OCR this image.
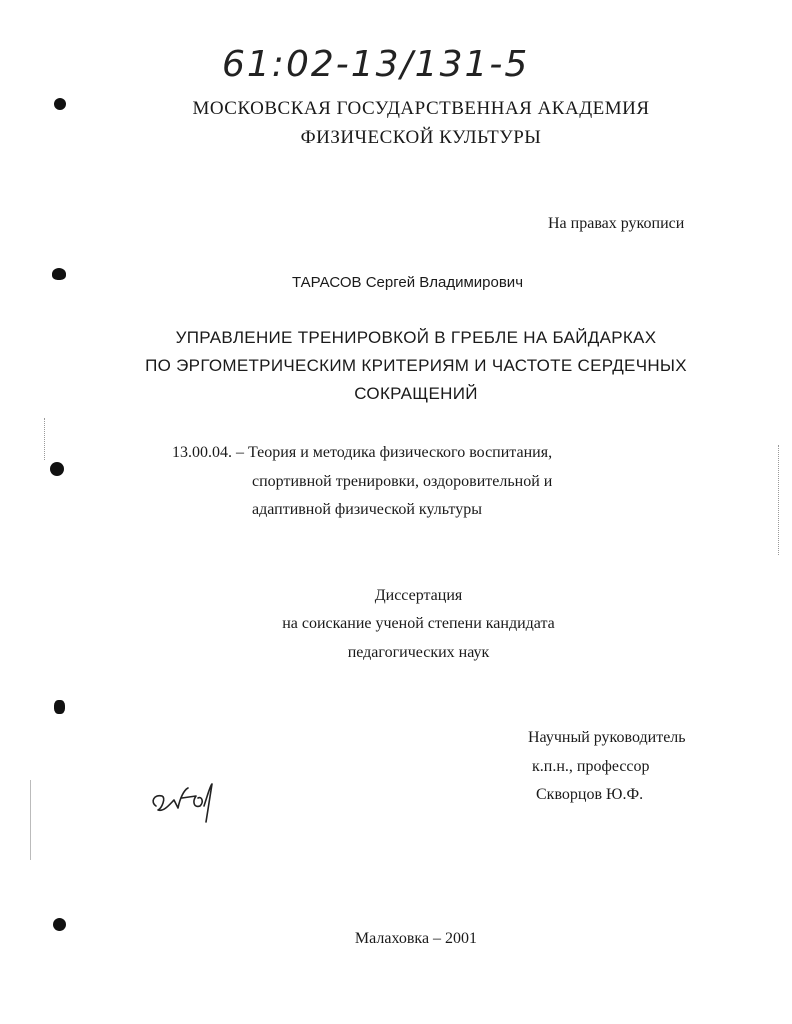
61:02-13/131-5
МОСКОВСКАЯ ГОСУДАРСТВЕННАЯ АКАДЕМИЯ
ФИЗИЧЕСКОЙ КУЛЬТУРЫ
На правах рукописи
ТАРАСОВ Сергей Владимирович
УПРАВЛЕНИЕ ТРЕНИРОВКОЙ В ГРЕБЛЕ НА БАЙДАРКАХ
ПО ЭРГОМЕТРИЧЕСКИМ КРИТЕРИЯМ И ЧАСТОТЕ СЕРДЕЧНЫХ
СОКРАЩЕНИЙ
13.00.04. – Теория и методика физического воспитания,
спортивной тренировки, оздоровительной и
адаптивной физической культуры
Диссертация
на соискание ученой степени кандидата
педагогических наук
Научный руководитель
к.п.н., профессор
Скворцов Ю.Ф.
Малаховка – 2001
